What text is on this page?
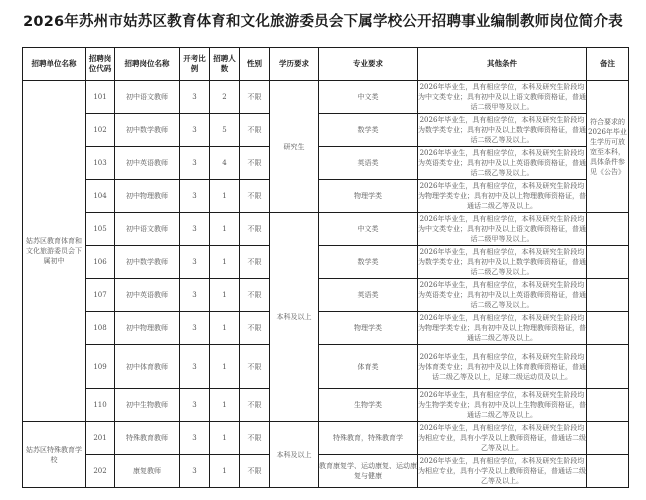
2026年苏州市姑苏区教育体育和文化旅游委员会下属学校公开招聘事业编制教师岗位简介表
招聘单位名称	招聘岗位代码	招聘岗位名称	开考比例	招聘人数	性别	学历要求	专业要求	其他条件	备注
姑苏区教育体育和文化旅游委员会下属初中	101	初中语文教师	3	2	不限	研究生	中文类	2026年毕业生，具有相应学位，本科及研究生阶段均为中文类专业；具有初中及以上语文教师资格证，普通话二级甲等及以上。	符合要求的2026年毕业生学历可放宽至本科，具体条件参见《公告》
	102	初中数学教师	3	5	不限		数学类	2026年毕业生，具有相应学位，本科及研究生阶段均为数学类专业；具有初中及以上数学教师资格证，普通话二级乙等及以上。	
	103	初中英语教师	3	4	不限		英语类	2026年毕业生，具有相应学位，本科及研究生阶段均为英语类专业；具有初中及以上英语教师资格证，普通话二级乙等及以上。	
	104	初中物理教师	3	1	不限		物理学类	2026年毕业生，具有相应学位，本科及研究生阶段均为物理学类专业；具有初中及以上物理教师资格证，普通话二级乙等及以上。	
	105	初中语文教师	3	1	不限	本科及以上	中文类	2026年毕业生，具有相应学位，本科及研究生阶段均为中文类专业；具有初中及以上语文教师资格证，普通话二级甲等及以上。	
	106	初中数学教师	3	1	不限		数学类	2026年毕业生，具有相应学位，本科及研究生阶段均为数学类专业；具有初中及以上数学教师资格证，普通话二级乙等及以上。	
	107	初中英语教师	3	1	不限		英语类	2026年毕业生，具有相应学位，本科及研究生阶段均为英语类专业；具有初中及以上英语教师资格证，普通话二级乙等及以上。	
	108	初中物理教师	3	1	不限		物理学类	2026年毕业生，具有相应学位，本科及研究生阶段均为物理学类专业；具有初中及以上物理教师资格证，普通话二级乙等及以上。	
	109	初中体育教师	3	1	不限		体育类	2026年毕业生，具有相应学位，本科及研究生阶段均为体育类专业；具有初中及以上体育教师资格证，普通话二级乙等及以上，足球二级运动员及以上。	
	110	初中生物教师	3	1	不限		生物学类	2026年毕业生，具有相应学位，本科及研究生阶段均为生物学类专业；具有初中及以上生物教师资格证，普通话二级乙等及以上。	
姑苏区特殊教育学校	201	特殊教育教师	3	1	不限	本科及以上	特殊教育，特殊教育学	2026年毕业生，具有相应学位，本科及研究生阶段均为相应专业，具有小学及以上教师资格证，普通话二级乙等及以上。	
	202	康复教师	3	1	不限		教育康复学、运动康复、运动康复与健康	2026年毕业生，具有相应学位，本科及研究生阶段均为相应专业，具有小学及以上教师资格证，普通话二级乙等及以上。	
